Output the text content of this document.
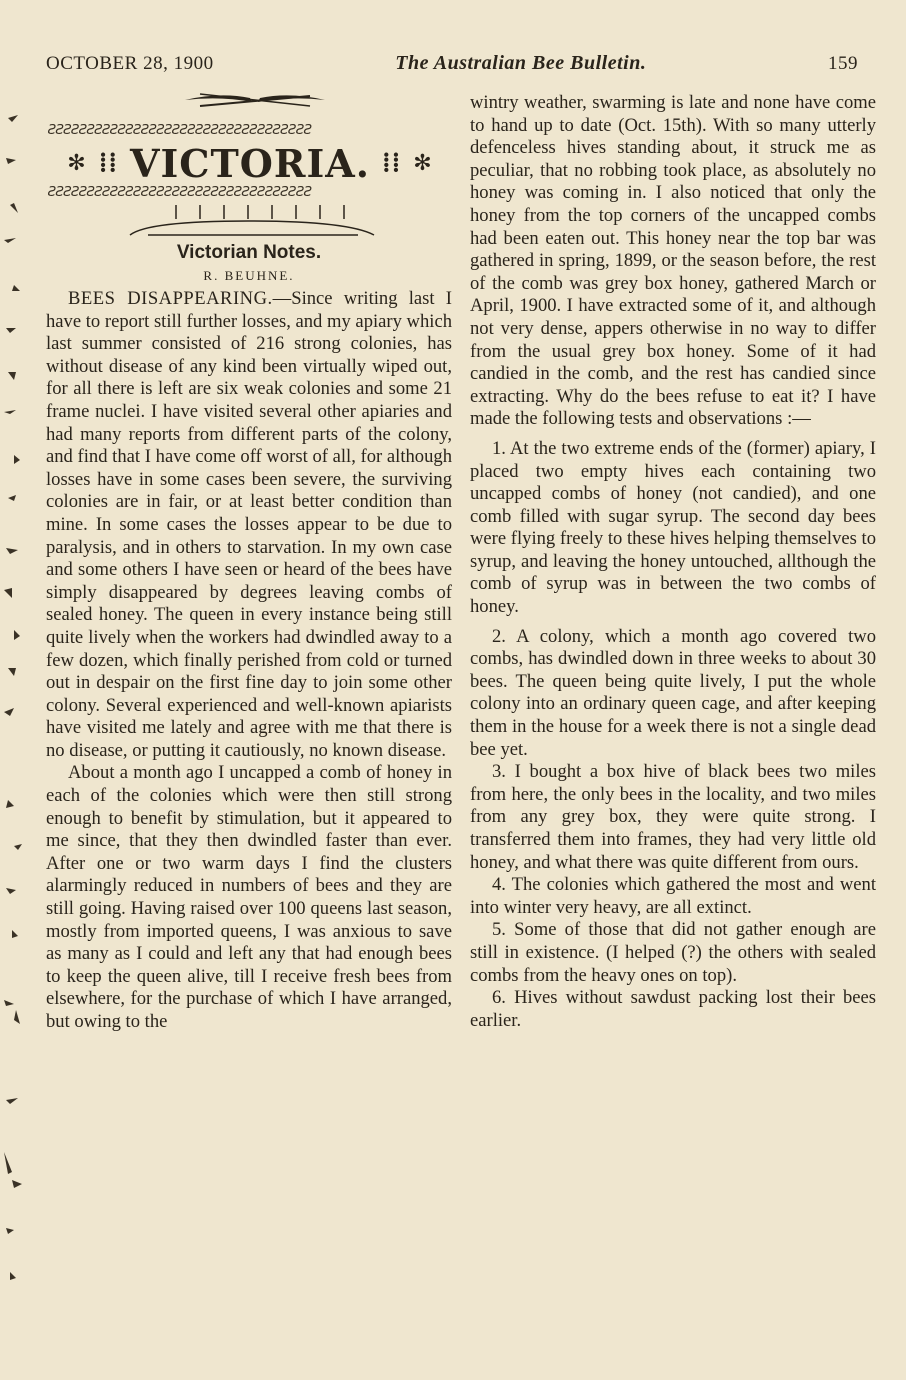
OCTOBER 28, 1900	The Australian Bee Bulletin.	159
ƧƧƧƧƧƧƧƧƧƧƧƧƧƧƧƧƧƧƧƧƧƧƧƧƧƧƧƧƧƧƧƧƧƧ
✻ ⁞⁞ VICTORIA. ⁞⁞ ✻
ƧƧƧƧƧƧƧƧƧƧƧƧƧƧƧƧƧƧƧƧƧƧƧƧƧƧƧƧƧƧƧƧƧƧ
Victorian Notes.
R. BEUHNE.

BEES DISAPPEARING.—Since writing last I have to report still further losses, and my apiary which last summer consisted of 216 strong colonies, has without disease of any kind been virtually wiped out, for all there is left are six weak colonies and some 21 frame nuclei. I have visited several other apiaries and had many reports from different parts of the colony, and find that I have come off worst of all, for although losses have in some cases been severe, the surviving colonies are in fair, or at least better condition than mine. In some cases the losses appear to be due to paralysis, and in others to starvation. In my own case and some others I have seen or heard of the bees have simply disappeared by degrees leaving combs of sealed honey. The queen in every instance being still quite lively when the workers had dwindled away to a few dozen, which finally perished from cold or turned out in despair on the first fine day to join some other colony. Several experienced and well-known apiarists have visited me lately and agree with me that there is no disease, or putting it cautiously, no known disease.

About a month ago I uncapped a comb of honey in each of the colonies which were then still strong enough to benefit by stimulation, but it appeared to me since, that they then dwindled faster than ever. After one or two warm days I find the clusters alarmingly reduced in numbers of bees and they are still going. Having raised over 100 queens last season, mostly from imported queens, I was anxious to save as many as I could and left any that had enough bees to keep the queen alive, till I receive fresh bees from elsewhere, for the purchase of which I have arranged, but owing to the

wintry weather, swarming is late and none have come to hand up to date (Oct. 15th). With so many utterly defenceless hives standing about, it struck me as peculiar, that no robbing took place, as absolutely no honey was coming in. I also noticed that only the honey from the top corners of the uncapped combs had been eaten out. This honey near the top bar was gathered in spring, 1899, or the season before, the rest of the comb was grey box honey, gathered March or April, 1900. I have extracted some of it, and although not very dense, appers otherwise in no way to differ from the usual grey box honey. Some of it had candied in the comb, and the rest has candied since extracting. Why do the bees refuse to eat it? I have made the following tests and observations :—

1. At the two extreme ends of the (former) apiary, I placed two empty hives each containing two uncapped combs of honey (not candied), and one comb filled with sugar syrup. The second day bees were flying freely to these hives helping themselves to syrup, and leaving the honey untouched, allthough the comb of syrup was in between the two combs of honey.

2. A colony, which a month ago covered two combs, has dwindled down in three weeks to about 30 bees. The queen being quite lively, I put the whole colony into an ordinary queen cage, and after keeping them in the house for a week there is not a single dead bee yet.

3. I bought a box hive of black bees two miles from here, the only bees in the locality, and two miles from any grey box, they were quite strong. I transferred them into frames, they had very little old honey, and what there was quite different from ours.

4. The colonies which gathered the most and went into winter very heavy, are all extinct.

5. Some of those that did not gather enough are still in existence. (I helped (?) the others with sealed combs from the heavy ones on top).

6. Hives without sawdust packing lost their bees earlier.
